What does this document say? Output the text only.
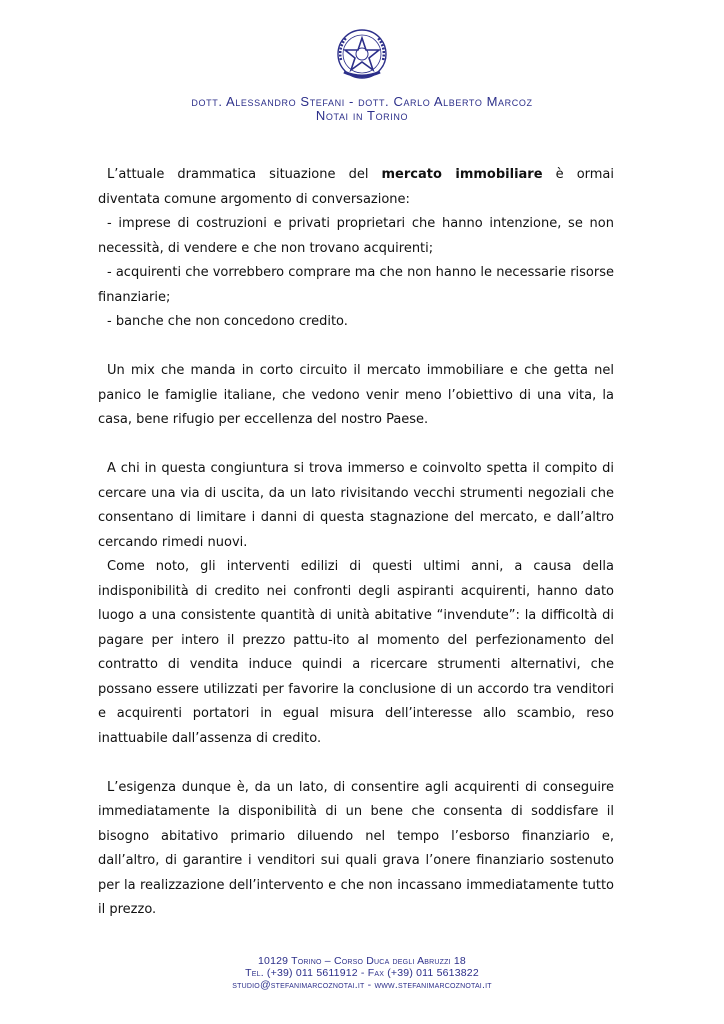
dott. Alessandro Stefani - dott. Carlo Alberto Marcoz
Notai in Torino

L’attuale drammatica situazione del mercato immobiliare è ormai diventata comune argomento di conversazione:

- imprese di costruzioni e privati proprietari che hanno intenzione, se non necessità, di vendere e che non trovano acquirenti;

- acquirenti che vorrebbero comprare ma che non hanno le necessarie risorse finanziarie;

- banche che non concedono credito.

Un mix che manda in corto circuito il mercato immobiliare e che getta nel panico le famiglie italiane, che vedono venir meno l’obiettivo di una vita, la casa, bene rifugio per eccellenza del nostro Paese.

A chi in questa congiuntura si trova immerso e coinvolto spetta il compito di cercare una via di uscita, da un lato rivisitando vecchi strumenti negoziali che consentano di limitare i danni di questa stagnazione del mercato, e dall’altro cercando rimedi nuovi.

Come noto, gli interventi edilizi di questi ultimi anni, a causa della indisponibilità di credito nei confronti degli aspiranti acquirenti, hanno dato luogo a una consistente quantità di unità abitative “invendute”: la difficoltà di pagare per intero il prezzo pattu-ito al momento del perfezionamento del contratto di vendita induce quindi a ricercare strumenti alternativi, che possano essere utilizzati per favorire la conclusione di un accordo tra venditori e acquirenti portatori in egual misura dell’interesse allo scambio, reso inattuabile dall’assenza di credito.

L’esigenza dunque è, da un lato, di consentire agli acquirenti di conseguire immediatamente la disponibilità di un bene che consenta di soddisfare il bisogno abitativo primario diluendo nel tempo l’esborso finanziario e, dall’altro, di garantire i venditori sui quali grava l’onere finanziario sostenuto per la realizzazione dell’intervento e che non incassano immediatamente tutto il prezzo.

10129 Torino – Corso Duca degli Abruzzi 18
Tel. (+39) 011 5611912 - Fax (+39) 011 5613822
studio@stefanimarcoznotai.it - www.stefanimarcoznotai.it
